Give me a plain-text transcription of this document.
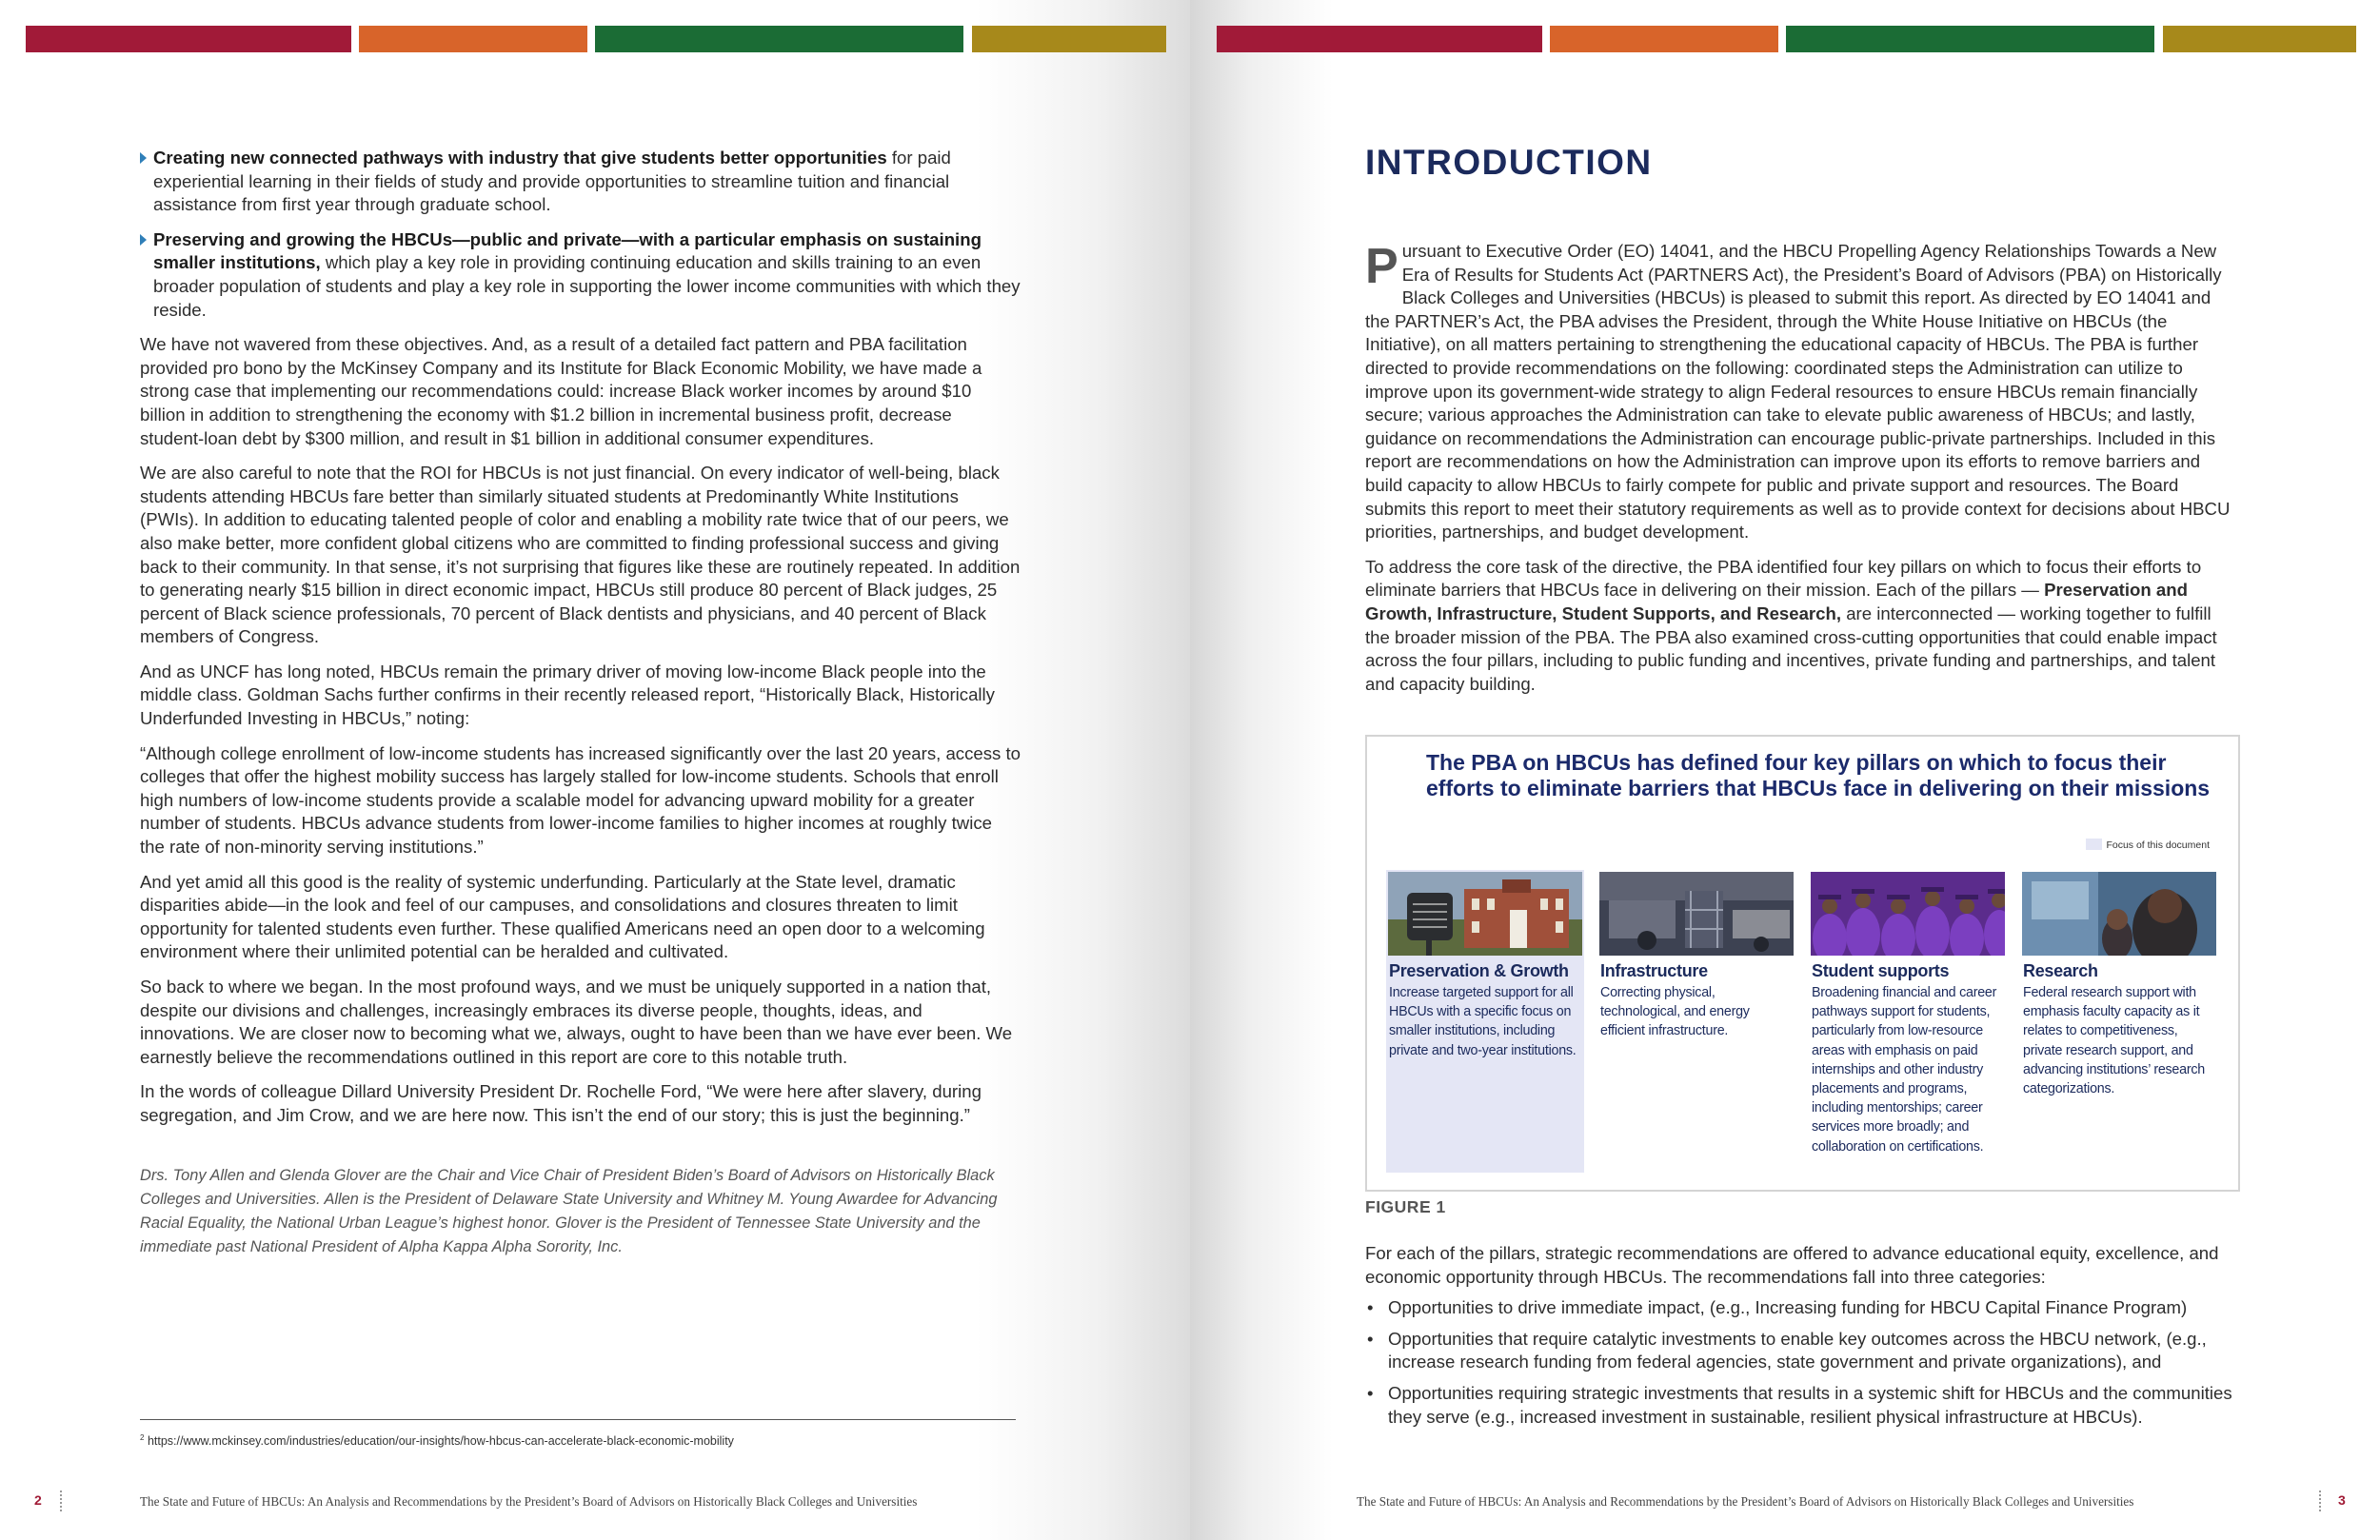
Creating new connected pathways with industry that give students better opportunities for paid experiential learning in their fields of study and provide opportunities to streamline tuition and financial assistance from first year through graduate school.
Preserving and growing the HBCUs—public and private—with a particular emphasis on sustaining smaller institutions, which play a key role in providing continuing education and skills training to an even broader population of students and play a key role in supporting the lower income communities with which they reside.

We have not wavered from these objectives. And, as a result of a detailed fact pattern and PBA facilitation provided pro bono by the McKinsey Company and its Institute for Black Economic Mobility, we have made a strong case that implementing our recommendations could: increase Black worker incomes by around $10 billion in addition to strengthening the economy with $1.2 billion in incremental business profit, decrease student-loan debt by $300 million, and result in $1 billion in additional consumer expenditures.

We are also careful to note that the ROI for HBCUs is not just financial. On every indicator of well-being, black students attending HBCUs fare better than similarly situated students at Predominantly White Institutions (PWIs). In addition to educating talented people of color and enabling a mobility rate twice that of our peers, we also make better, more confident global citizens who are committed to finding professional success and giving back to their community. In that sense, it’s not surprising that figures like these are routinely repeated. In addition to generating nearly $15 billion in direct economic impact, HBCUs still produce 80 percent of Black judges, 25 percent of Black science professionals, 70 percent of Black dentists and physicians, and 40 percent of Black members of Congress.

And as UNCF has long noted, HBCUs remain the primary driver of moving low-income Black people into the middle class. Goldman Sachs further confirms in their recently released report, “Historically Black, Historically Underfunded Investing in HBCUs,” noting:

“Although college enrollment of low-income students has increased significantly over the last 20 years, access to colleges that offer the highest mobility success has largely stalled for low-income students. Schools that enroll high numbers of low-income students provide a scalable model for advancing upward mobility for a greater number of students. HBCUs advance students from lower-income families to higher incomes at roughly twice the rate of non-minority serving institutions.”

And yet amid all this good is the reality of systemic underfunding. Particularly at the State level, dramatic disparities abide—in the look and feel of our campuses, and consolidations and closures threaten to limit opportunity for talented students even further. These qualified Americans need an open door to a welcoming environment where their unlimited potential can be heralded and cultivated.

So back to where we began. In the most profound ways, and we must be uniquely supported in a nation that, despite our divisions and challenges, increasingly embraces its diverse people, thoughts, ideas, and innovations. We are closer now to becoming what we, always, ought to have been than we have ever been. We earnestly believe the recommendations outlined in this report are core to this notable truth.

In the words of colleague Dillard University President Dr. Rochelle Ford, “We were here after slavery, during segregation, and Jim Crow, and we are here now. This isn’t the end of our story; this is just the beginning.”

Drs. Tony Allen and Glenda Glover are the Chair and Vice Chair of President Biden’s Board of Advisors on Historically Black Colleges and Universities. Allen is the President of Delaware State University and Whitney M. Young Awardee for Advancing Racial Equality, the National Urban League’s highest honor. Glover is the President of Tennessee State University and the immediate past National President of Alpha Kappa Alpha Sorority, Inc.

$^2$ https://www.mckinsey.com/industries/education/our-insights/how-hbcus-can-accelerate-black-economic-mobility
2	The State and Future of HBCUs: An Analysis and Recommendations by the President’s Board of Advisors on Historically Black Colleges and Universities
INTRODUCTION

Pursuant to Executive Order (EO) 14041, and the HBCU Propelling Agency Relationships Towards a New Era of Results for Students Act (PARTNERS Act), the President’s Board of Advisors (PBA) on Historically Black Colleges and Universities (HBCUs) is pleased to submit this report. As directed by EO 14041 and the PARTNER’s Act, the PBA advises the President, through the White House Initiative on HBCUs (the Initiative), on all matters pertaining to strengthening the educational capacity of HBCUs. The PBA is further directed to provide recommendations on the following: coordinated steps the Administration can utilize to improve upon its government-wide strategy to align Federal resources to ensure HBCUs remain financially secure; various approaches the Administration can take to elevate public awareness of HBCUs; and lastly, guidance on recommendations the Administration can encourage public-private partnerships. Included in this report are recommendations on how the Administration can improve upon its efforts to remove barriers and build capacity to allow HBCUs to fairly compete for public and private support and resources. The Board submits this report to meet their statutory requirements as well as to provide context for decisions about HBCU priorities, partnerships, and budget development.

To address the core task of the directive, the PBA identified four key pillars on which to focus their efforts to eliminate barriers that HBCUs face in delivering on their mission. Each of the pillars — Preservation and Growth, Infrastructure, Student Supports, and Research, are interconnected — working together to fulfill the broader mission of the PBA. The PBA also examined cross-cutting opportunities that could enable impact across the four pillars, including to public funding and incentives, private funding and partnerships, and talent and capacity building.

The PBA on HBCUs has defined four key pillars on which to focus their efforts to eliminate barriers that HBCUs face in delivering on their missions
Focus of this document
Preservation & Growth
Increase targeted support for all HBCUs with a specific focus on smaller institutions, including private and two-year institutions.
Infrastructure
Correcting physical, technological, and energy efficient infrastructure.
Student supports
Broadening financial and career pathways support for students, particularly from low-resource areas with emphasis on paid internships and other industry placements and programs, including mentorships; career services more broadly; and collaboration on certifications.
Research
Federal research support with emphasis faculty capacity as it relates to competitiveness, private research support, and advancing institutions’ research categorizations.
FIGURE 1

For each of the pillars, strategic recommendations are offered to advance educational equity, excellence, and economic opportunity through HBCUs. The recommendations fall into three categories:

• Opportunities to drive immediate impact, (e.g., Increasing funding for HBCU Capital Finance Program)
• Opportunities that require catalytic investments to enable key outcomes across the HBCU network, (e.g., increase research funding from federal agencies, state government and private organizations), and
• Opportunities requiring strategic investments that results in a systemic shift for HBCUs and the communities they serve (e.g., increased investment in sustainable, resilient physical infrastructure at HBCUs).
The State and Future of HBCUs: An Analysis and Recommendations by the President’s Board of Advisors on Historically Black Colleges and Universities	3
